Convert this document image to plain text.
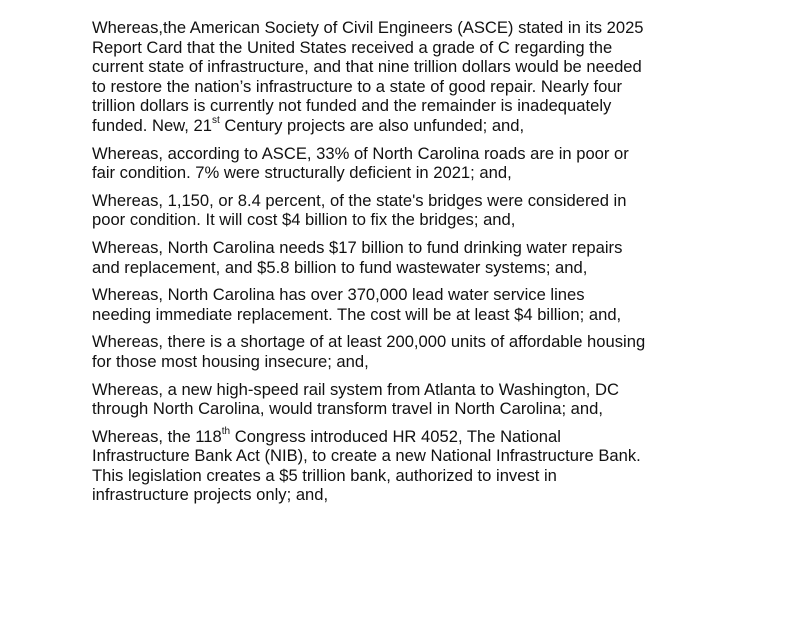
Whereas,the American Society of Civil Engineers (ASCE) stated in its 2025
Report Card that the United States received a grade of C regarding the
current state of infrastructure, and that nine trillion dollars would be needed
to restore the nation’s infrastructure to a state of good repair. Nearly four
trillion dollars is currently not funded and the remainder is inadequately
funded. New, 21st Century projects are also unfunded; and,

Whereas, according to ASCE, 33% of North Carolina roads are in poor or
fair condition. 7% were structurally deficient in 2021; and,

Whereas, 1,150, or 8.4 percent, of the state's bridges were considered in
poor condition. It will cost $4 billion to fix the bridges; and,

Whereas, North Carolina needs $17 billion to fund drinking water repairs
and replacement, and $5.8 billion to fund wastewater systems; and,

Whereas, North Carolina has over 370,000 lead water service lines
needing immediate replacement. The cost will be at least $4 billion; and,

Whereas, there is a shortage of at least 200,000 units of affordable housing
for those most housing insecure; and,

Whereas, a new high-speed rail system from Atlanta to Washington, DC
through North Carolina, would transform travel in North Carolina; and,

Whereas, the 118th Congress introduced HR 4052, The National
Infrastructure Bank Act (NIB), to create a new National Infrastructure Bank.
This legislation creates a $5 trillion bank, authorized to invest in
infrastructure projects only; and,
